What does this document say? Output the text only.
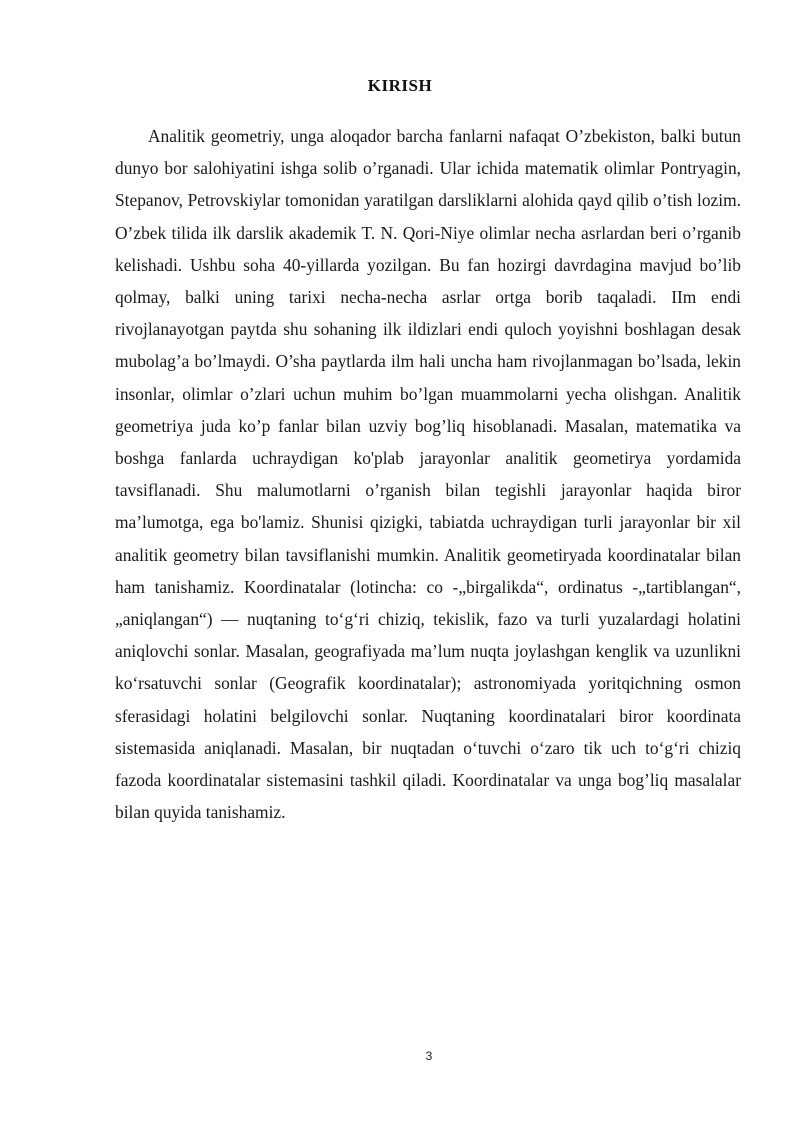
KIRISH

Analitik geometriy, unga aloqador barcha fanlarni nafaqat O’zbekiston, balki butun dunyo bor salohiyatini ishga solib o’rganadi. Ular ichida matematik olimlar Pontryagin, Stepanov, Petrovskiylar tomonidan yaratilgan darsliklarni alohida qayd qilib o’tish lozim. O’zbek tilida ilk darslik akademik T. N. Qori-Niye olimlar necha asrlardan beri o’rganib kelishadi. Ushbu soha 40-yillarda yozilgan. Bu fan hozirgi davrdagina mavjud bo’lib qolmay, balki uning tarixi necha-necha asrlar ortga borib taqaladi. IIm endi rivojlanayotgan paytda shu sohaning ilk ildizlari endi quloch yoyishni boshlagan desak mubolag’a bo’lmaydi. O’sha paytlarda ilm hali uncha ham rivojlanmagan bo’lsada, lekin insonlar, olimlar o’zlari uchun muhim bo’lgan muammolarni yecha olishgan. Analitik geometriya juda ko’p fanlar bilan uzviy bog’liq hisoblanadi. Masalan, matematika va boshga fanlarda uchraydigan ko'plab jarayonlar analitik geometirya yordamida tavsiflanadi. Shu malumotlarni o’rganish bilan tegishli jarayonlar haqida biror ma’lumotga, ega bo'lamiz. Shunisi qizigki, tabiatda uchraydigan turli jarayonlar bir xil analitik geometry bilan tavsiflanishi mumkin. Analitik geometiryada koordinatalar bilan ham tanishamiz. Koordinatalar (lotincha: co -„birgalikda“, ordinatus -„tartiblangan“, „aniqlangan“) — nuqtaning to‘g‘ri chiziq, tekislik, fazo va turli yuzalardagi holatini aniqlovchi sonlar. Masalan, geografiyada ma’lum nuqta joylashgan kenglik va uzunlikni ko‘rsatuvchi sonlar (Geografik koordinatalar); astronomiyada yoritqichning osmon sferasidagi holatini belgilovchi sonlar. Nuqtaning koordinatalari biror koordinata sistemasida aniqlanadi. Masalan, bir nuqtadan o‘tuvchi o‘zaro tik uch to‘g‘ri chiziq fazoda koordinatalar sistemasini tashkil qiladi. Koordinatalar va unga bog’liq masalalar bilan quyida tanishamiz.

3
